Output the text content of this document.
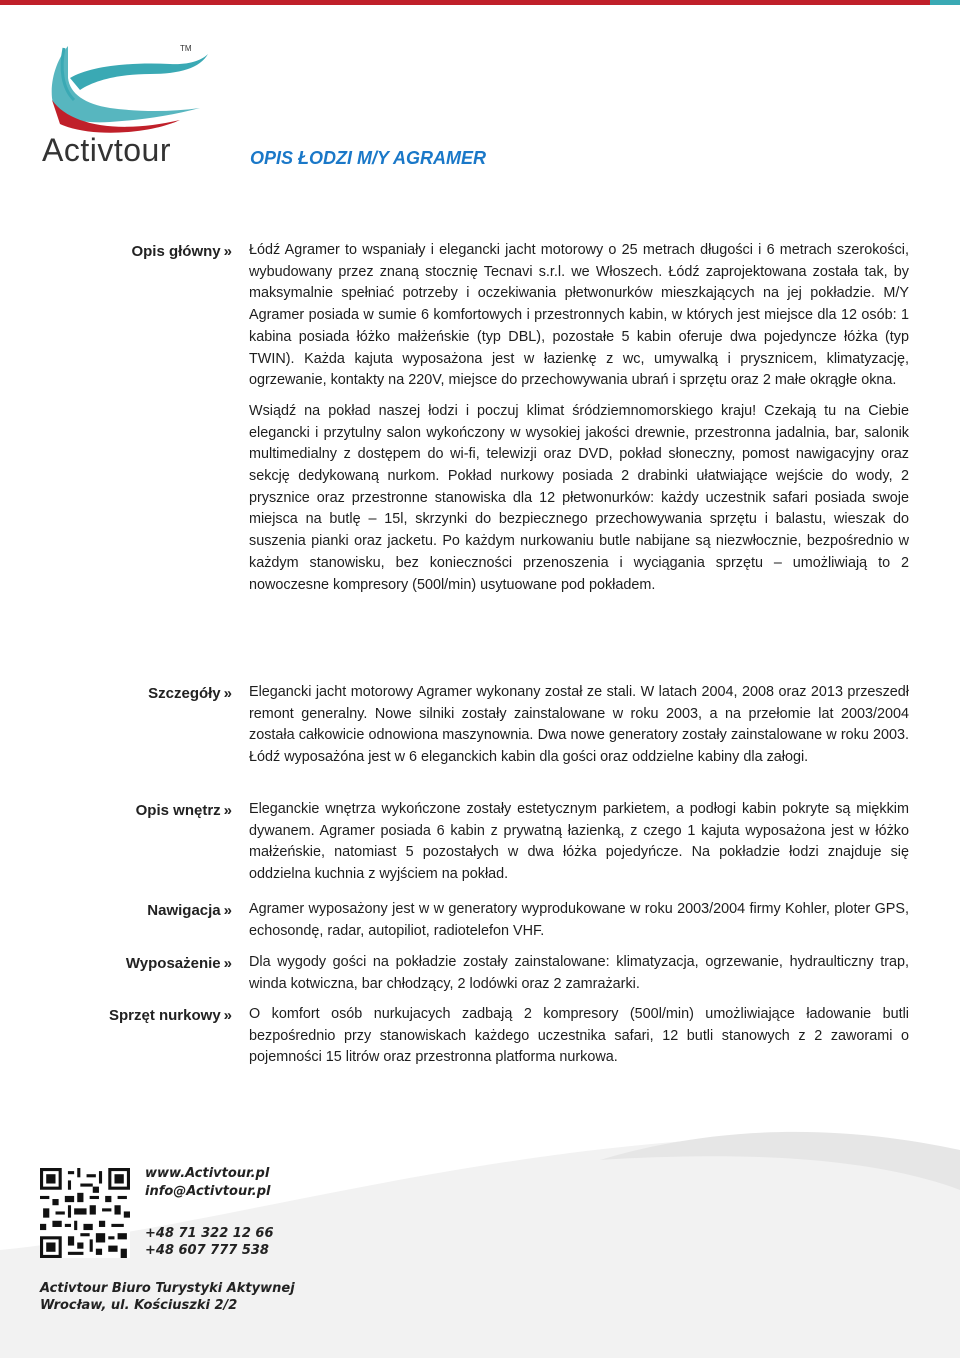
TM
Activtour	OPIS ŁODZI M/Y AGRAMER
Opis główny » Łódź Agramer to wspaniały i elegancki jacht motorowy o 25 metrach długości i 6 metrach szerokości, wybudowany przez znaną stocznię Tecnavi s.r.l. we Włoszech. Łódź zaprojektowana została tak, by maksymalnie spełniać potrzeby i oczekiwania płetwonurków mieszkających na jej pokładzie. M/Y Agramer posiada w sumie 6 komfortowych i przestronnych kabin, w których jest miejsce dla 12 osób: 1 kabina posiada łóżko małżeńskie (typ DBL), pozostałe 5 kabin oferuje dwa pojedyncze łóżka (typ TWIN). Każda kajuta wyposażona jest w łazienkę z wc, umywalką i prysznicem, klimatyzację, ogrzewanie, kontakty na 220V, miejsce do przechowywania ubrań i sprzętu oraz 2 małe okrągłe okna.

Wsiądź na pokład naszej łodzi i poczuj klimat śródziemnomorskiego kraju! Czekają tu na Ciebie elegancki i przytulny salon wykończony w wysokiej jakości drewnie, przestronna jadalnia, bar, salonik multimedialny z dostępem do wi-fi, telewizji oraz DVD, pokład słoneczny, pomost nawigacyjny oraz sekcję dedykowaną nurkom. Pokład nurkowy posiada 2 drabinki ułatwiające wejście do wody, 2 prysznice oraz przestronne stanowiska dla 12 płetwonurków: każdy uczestnik safari posiada swoje miejsca na butlę – 15l, skrzynki do bezpiecznego przechowywania sprzętu i balastu, wieszak do suszenia pianki oraz jacketu. Po każdym nurkowaniu butle nabijane są niezwłocznie, bezpośrednio w każdym stanowisku, bez konieczności przenoszenia i wyciągania sprzętu – umożliwiają to 2 nowoczesne kompresory (500l/min) usytuowane pod pokładem.

Szczegóły » Elegancki jacht motorowy Agramer wykonany został ze stali. W latach 2004, 2008 oraz 2013 przeszedł remont generalny. Nowe silniki zostały zainstalowane w roku 2003, a na przełomie lat 2003/2004 została całkowicie odnowiona maszynownia. Dwa nowe generatory zostały zainstalowane w roku 2003. Łódź wyposażóna jest w 6 eleganckich kabin dla gości oraz oddzielne kabiny dla załogi.

Opis wnętrz » Eleganckie wnętrza wykończone zostały estetycznym parkietem, a podłogi kabin pokryte są miękkim dywanem. Agramer posiada 6 kabin z prywatną łazienką, z czego 1 kajuta wyposażona jest w łóżko małżeńskie, natomiast 5 pozostałych w dwa łóżka pojedyńcze. Na pokładzie łodzi znajduje się oddzielna kuchnia z wyjściem na pokład.

Nawigacja » Agramer wyposażony jest w w generatory wyprodukowane w roku 2003/2004 firmy Kohler, ploter GPS, echosondę, radar, autopiliot, radiotelefon VHF.

Wyposażenie » Dla wygody gości na pokładzie zostały zainstalowane: klimatyzacja, ogrzewanie, hydraulticzny trap, winda kotwiczna, bar chłodzący, 2 lodówki oraz 2 zamrażarki.

Sprzęt nurkowy » O komfort osób nurkujacych zadbają 2 kompresory (500l/min) umożliwiające ładowanie butli bezpośrednio przy stanowiskach każdego uczestnika safari, 12 butli stanowych z 2 zaworami o pojemności 15 litrów oraz przestronna platforma nurkowa.

www.Activtour.pl
info@Activtour.pl
+48 71 322 12 66
+48 607 777 538
Activtour Biuro Turystyki Aktywnej
Wrocław, ul. Kościuszki 2/2
